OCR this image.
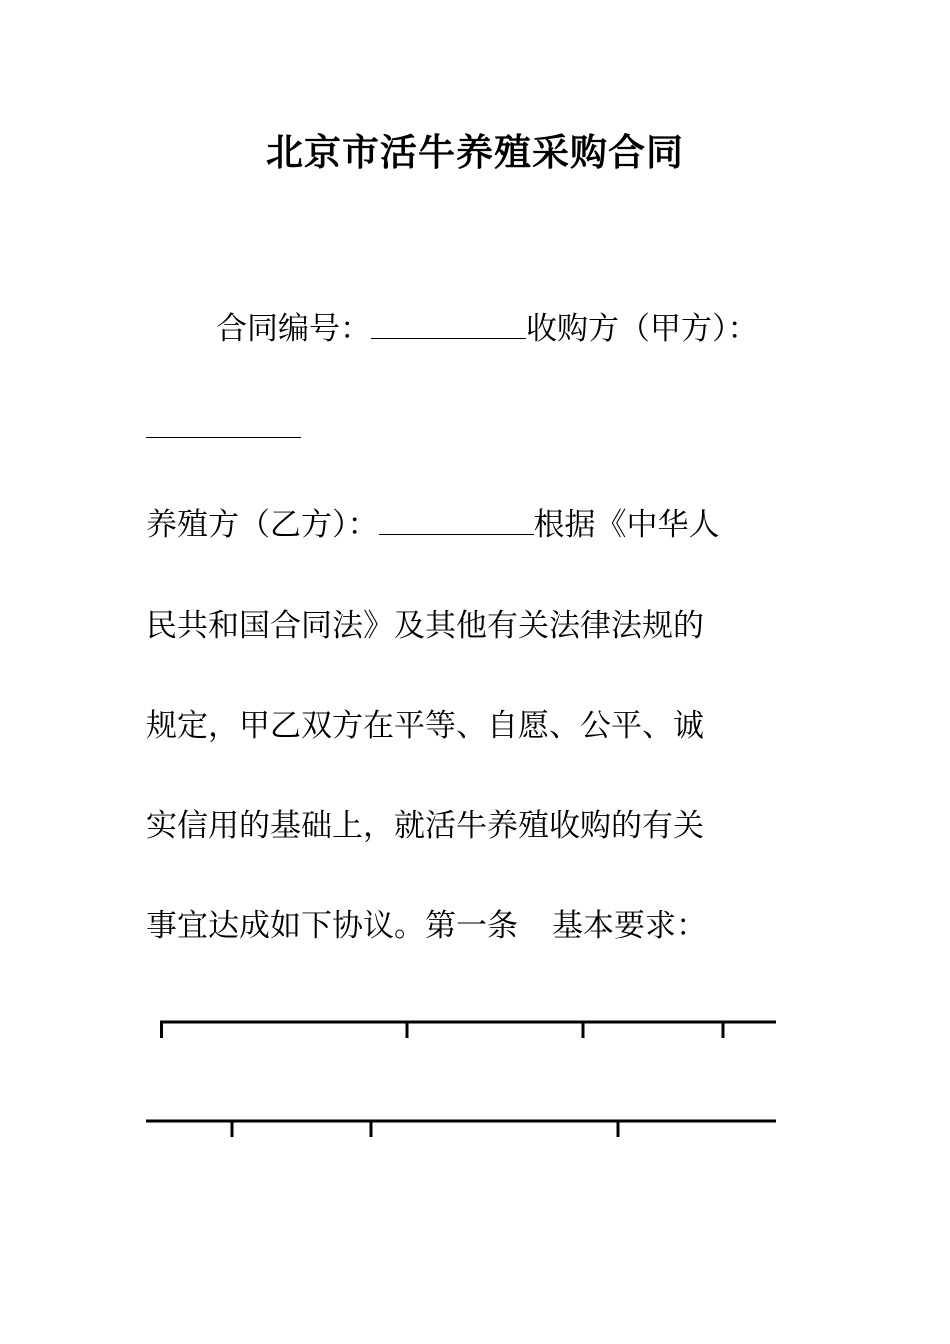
北京市活牛养殖采购合同
合同编号：	收购方（甲方）：
养殖方（乙方）：	根据《中华人
民共和国合同法》及其他有关法律法规的
规定，甲乙双方在平等、自愿、公平、诚
实信用的基础上，就活牛养殖收购的有关
事宜达成如下协议。第一条 基本要求：
